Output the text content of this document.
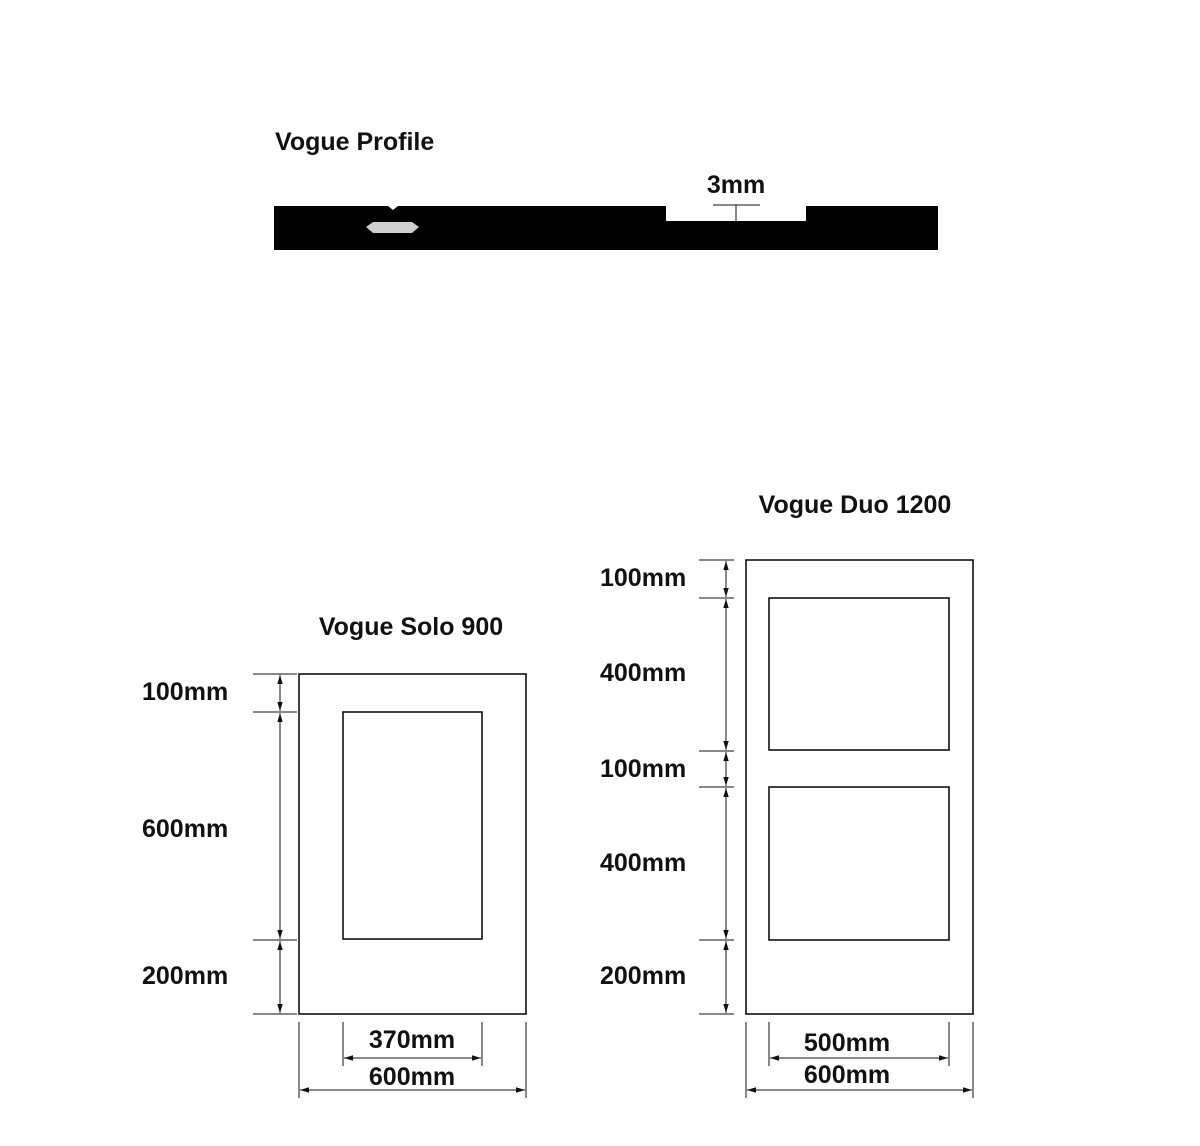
Vogue Profile
3mm
Vogue Solo 900
100mm
600mm
200mm
370mm
600mm
Vogue Duo 1200
100mm
400mm
100mm
400mm
200mm
500mm
600mm
